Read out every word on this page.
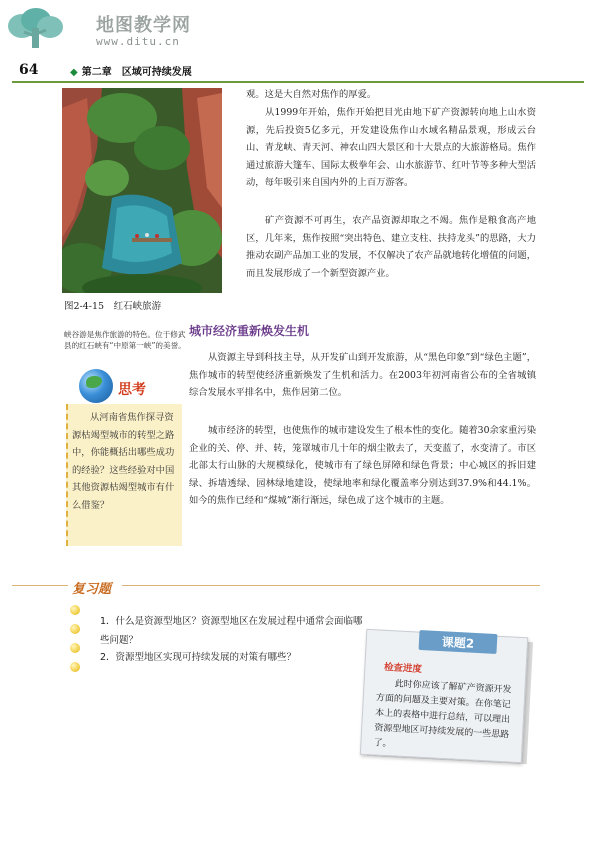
地图教学网
www.ditu.cn
64	◆ 第二章　区域可持续发展
图2-4-15　红石峡旅游
峡谷游是焦作旅游的特色。位于修武县的红石峡有“中原第一峡”的美誉。
观。这是大自然对焦作的厚爱。
从1999年开始，焦作开始把目光由地下矿产资源转向地上山水资源，先后投资5亿多元，开发建设焦作山水域名精品景观，形成云台山、青龙峡、青天河、神农山四大景区和十大景点的大旅游格局。焦作通过旅游大篷车、国际太极拳年会、山水旅游节、红叶节等多种大型活动，每年吸引来自国内外的上百万游客。
矿产资源不可再生，农产品资源却取之不竭。焦作是粮食高产地区，几年来，焦作按照“突出特色、建立支柱、扶持龙头”的思路，大力推动农副产品加工业的发展，不仅解决了农产品就地转化增值的问题，而且发展形成了一个新型资源产业。
城市经济重新焕发生机
从资源主导到科技主导，从开发矿山到开发旅游，从“黑色印象”到“绿色主题”，焦作城市的转型使经济重新焕发了生机和活力。在2003年初河南省公布的全省城镇综合发展水平排名中，焦作居第二位。
城市经济的转型，也使焦作的城市建设发生了根本性的变化。随着30余家重污染企业的关、停、并、转，笼罩城市几十年的烟尘散去了，天变蓝了，水变清了。市区北部太行山脉的大规模绿化，使城市有了绿色屏障和绿色背景；中心城区的拆旧建绿、拆墙透绿、园林绿地建设，使绿地率和绿化覆盖率分别达到37.9%和44.1%。如今的焦作已经和“煤城”渐行渐远，绿色成了这个城市的主题。
思考
从河南省焦作探寻资源枯竭型城市的转型之路中，你能概括出哪些成功的经验？这些经验对中国其他资源枯竭型城市有什么借鉴？
复习题
1．什么是资源型地区？资源型地区在发展过程中通常会面临哪些问题？
2．资源型地区实现可持续发展的对策有哪些？
课题2
检查进度
此时你应该了解矿产资源开发方面的问题及主要对策。在你笔记本上的表格中进行总结，可以理出资源型地区可持续发展的一些思路了。
